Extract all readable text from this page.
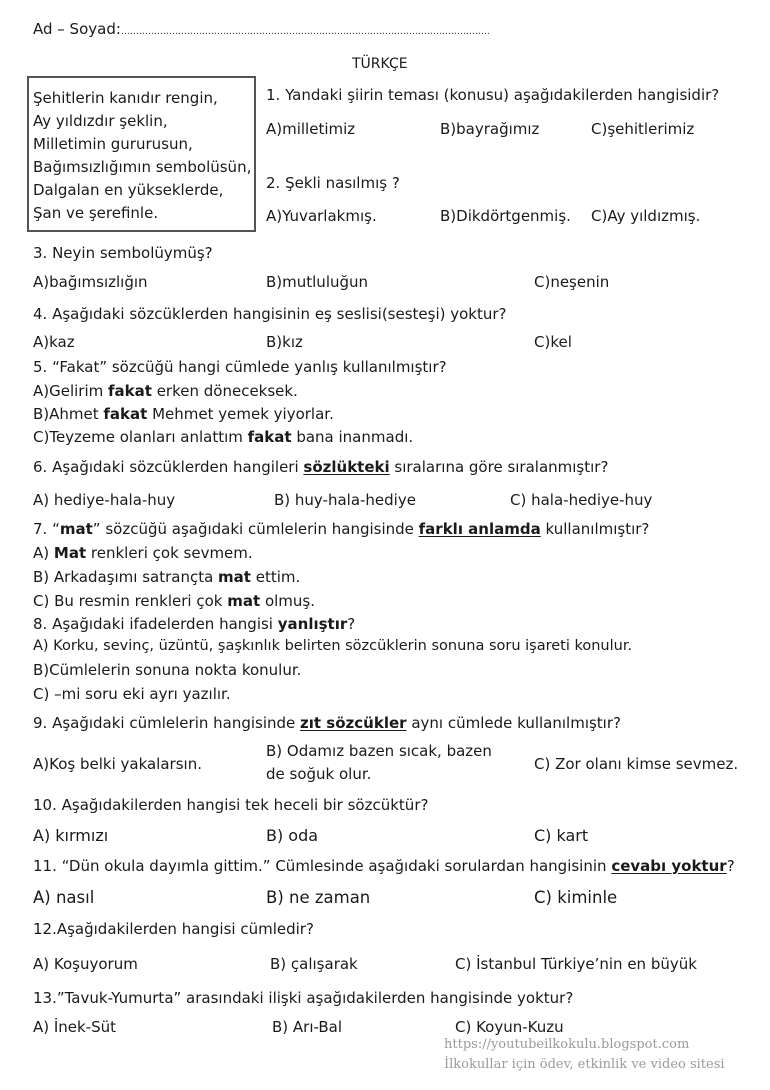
Ad – Soyad:……………………………………………………………………………………………………………
TÜRKÇE
Şehitlerin kanıdır rengin,
Ay yıldızdır şeklin,
Milletimin gururusun,
Bağımsızlığımın sembolüsün,
Dalgalan en yükseklerde,
Şan ve şerefinle.
1. Yandaki şiirin teması (konusu) aşağıdakilerden hangisidir?
A)milletimiz	B)bayrağımız	C)şehitlerimiz
2. Şekli nasılmış ?
A)Yuvarlakmış.	B)Dikdörtgenmiş. C)Ay yıldızmış.
3. Neyin sembolüymüş?
A)bağımsızlığın	B)mutluluğun	C)neşenin
4. Aşağıdaki sözcüklerden hangisinin eş seslisi(sesteşi) yoktur?
A)kaz	B)kız	C)kel
5. “Fakat” sözcüğü hangi cümlede yanlış kullanılmıştır?
A)Gelirim fakat erken döneceksek.
B)Ahmet fakat Mehmet yemek yiyorlar.
C)Teyzeme olanları anlattım fakat bana inanmadı.
6. Aşağıdaki sözcüklerden hangileri sözlükteki sıralarına göre sıralanmıştır?
A) hediye-hala-huy	B) huy-hala-hediye	C) hala-hediye-huy
7. “mat” sözcüğü aşağıdaki cümlelerin hangisinde farklı anlamda kullanılmıştır?
A) Mat renkleri çok sevmem.
B) Arkadaşımı satrançta mat ettim.
C) Bu resmin renkleri çok mat olmuş.
8. Aşağıdaki ifadelerden hangisi yanlıştır?
A) Korku, sevinç, üzüntü, şaşkınlık belirten sözcüklerin sonuna soru işareti konulur.
B)Cümlelerin sonuna nokta konulur.
C) –mi soru eki ayrı yazılır.
9. Aşağıdaki cümlelerin hangisinde zıt sözcükler aynı cümlede kullanılmıştır?
A)Koş belki yakalarsın.
B) Odamız bazen sıcak, bazen
de soğuk olur.
C) Zor olanı kimse sevmez.
10. Aşağıdakilerden hangisi tek heceli bir sözcüktür?
A) kırmızı	B) oda	C) kart
11. “Dün okula dayımla gittim.” Cümlesinde aşağıdaki sorulardan hangisinin cevabı yoktur?
A) nasıl	B) ne zaman	C) kiminle
12.Aşağıdakilerden hangisi cümledir?
A) Koşuyorum	B) çalışarak	C) İstanbul Türkiye’nin en büyük
13.”Tavuk-Yumurta” arasındaki ilişki aşağıdakilerden hangisinde yoktur?
A) İnek-Süt	B) Arı-Bal	C) Koyun-Kuzu
https://youtubeilkokulu.blogspot.com
İlkokullar için ödev, etkinlik ve video sitesi
